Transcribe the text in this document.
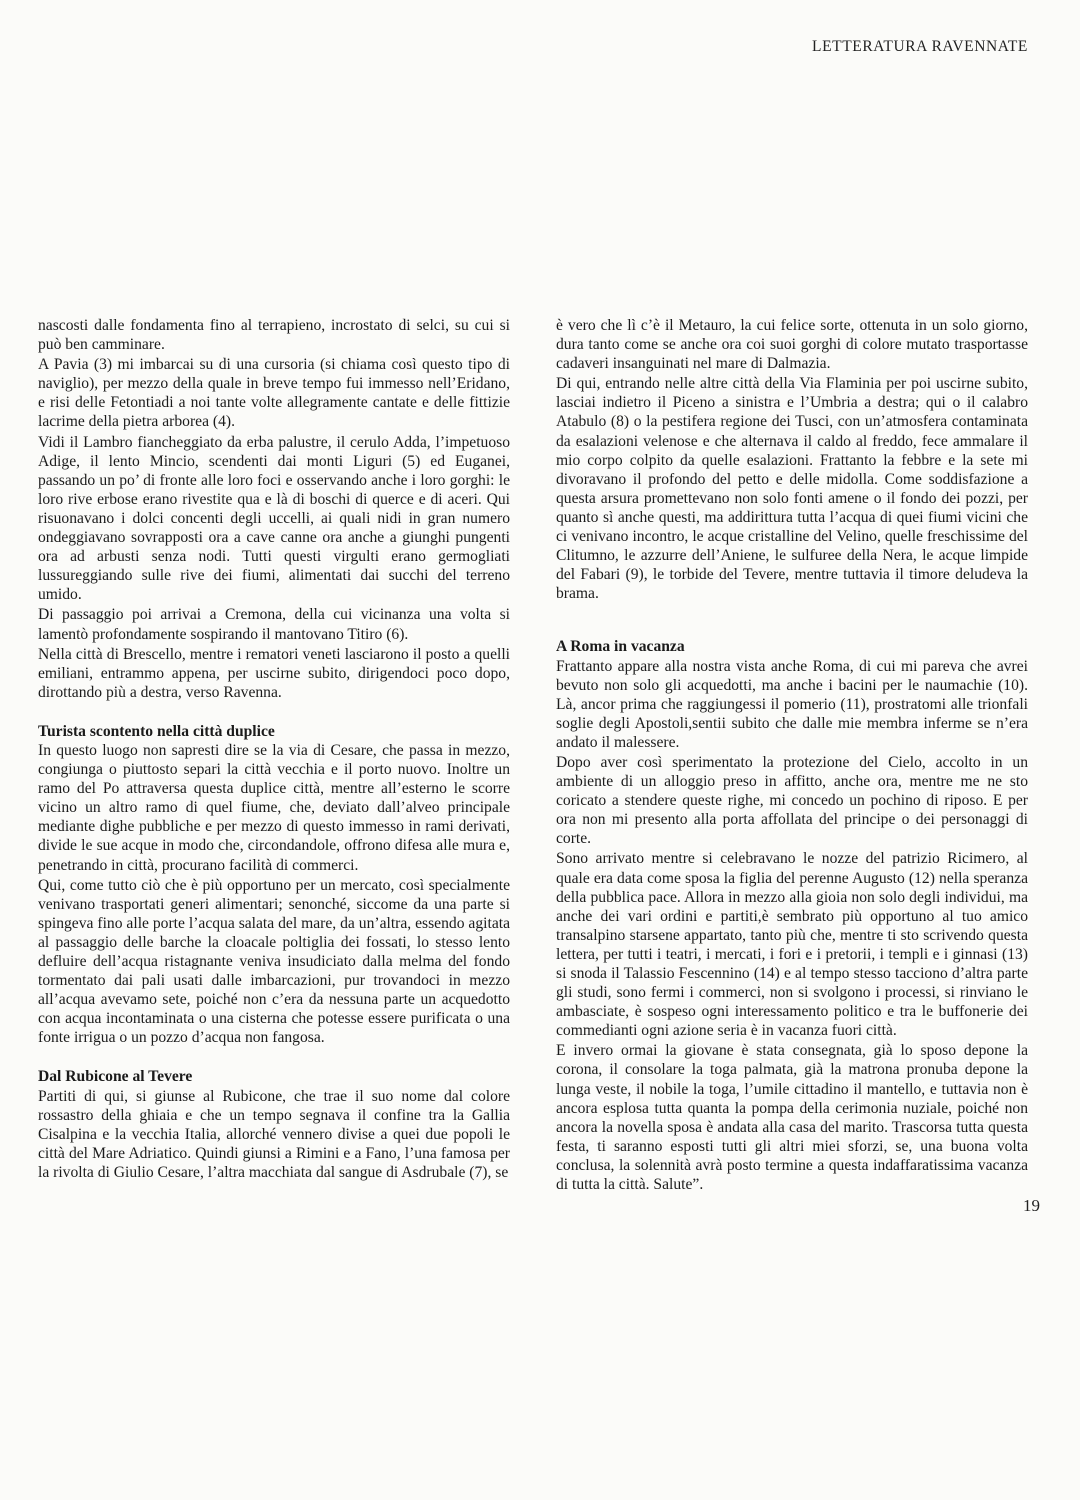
LETTERATURA RAVENNATE

nascosti dalle fondamenta fino al terrapieno, incrostato di selci, su cui si può ben camminare.

A Pavia (3) mi imbarcai su di una cursoria (si chiama così questo tipo di naviglio), per mezzo della quale in breve tempo fui immesso nell’Eridano, e risi delle Fetontiadi a noi tante volte allegramente cantate e delle fittizie lacrime della pietra arborea (4).

Vidi il Lambro fiancheggiato da erba palustre, il cerulo Adda, l’impetuoso Adige, il lento Mincio, scendenti dai monti Liguri (5) ed Euganei, passando un po’ di fronte alle loro foci e osservando anche i loro gorghi: le loro rive erbose erano rivestite qua e là di boschi di querce e di aceri. Qui risuonavano i dolci concenti degli uccelli, ai quali nidi in gran numero ondeggiavano sovrapposti ora a cave canne ora anche a giunghi pungenti ora ad arbusti senza nodi. Tutti questi virgulti erano germogliati lussureggiando sulle rive dei fiumi, alimentati dai succhi del terreno umido.

Di passaggio poi arrivai a Cremona, della cui vicinanza una volta si lamentò profondamente sospirando il mantovano Titiro (6).

Nella città di Brescello, mentre i rematori veneti lasciarono il posto a quelli emiliani, entrammo appena, per uscirne subito, dirigendoci poco dopo, dirottando più a destra, verso Ravenna.

Turista scontento nella città duplice

In questo luogo non sapresti dire se la via di Cesare, che passa in mezzo, congiunga o piuttosto separi la città vecchia e il porto nuovo. Inoltre un ramo del Po attraversa questa duplice città, mentre all’esterno le scorre vicino un altro ramo di quel fiume, che, deviato dall’alveo principale mediante dighe pubbliche e per mezzo di questo immesso in rami derivati, divide le sue acque in modo che, circondandole, offrono difesa alle mura e, penetrando in città, procurano facilità di commerci.

Qui, come tutto ciò che è più opportuno per un mercato, così specialmente venivano trasportati generi alimentari; senonché, siccome da una parte si spingeva fino alle porte l’acqua salata del mare, da un’altra, essendo agitata al passaggio delle barche la cloacale poltiglia dei fossati, lo stesso lento defluire dell’acqua ristagnante veniva insudiciato dalla melma del fondo tormentato dai pali usati dalle imbarcazioni, pur trovandoci in mezzo all’acqua avevamo sete, poiché non c’era da nessuna parte un acquedotto con acqua incontaminata o una cisterna che potesse essere purificata o una fonte irrigua o un pozzo d’acqua non fangosa.

Dal Rubicone al Tevere

Partiti di qui, si giunse al Rubicone, che trae il suo nome dal colore rossastro della ghiaia e che un tempo segnava il confine tra la Gallia Cisalpina e la vecchia Italia, allorché vennero divise a quei due popoli le città del Mare Adriatico. Quindi giunsi a Rimini e a Fano, l’una famosa per la rivolta di Giulio Cesare, l’altra macchiata dal sangue di Asdrubale (7), se

è vero che lì c’è il Metauro, la cui felice sorte, ottenuta in un solo giorno, dura tanto come se anche ora coi suoi gorghi di colore mutato trasportasse cadaveri insanguinati nel mare di Dalmazia.

Di qui, entrando nelle altre città della Via Flaminia per poi uscirne subito, lasciai indietro il Piceno a sinistra e l’Umbria a destra; qui o il calabro Atabulo (8) o la pestifera regione dei Tusci, con un’atmosfera contaminata da esalazioni velenose e che alternava il caldo al freddo, fece ammalare il mio corpo colpito da quelle esalazioni. Frattanto la febbre e la sete mi divoravano il profondo del petto e delle midolla. Come soddisfazione a questa arsura promettevano non solo fonti amene o il fondo dei pozzi, per quanto sì anche questi, ma addirittura tutta l’acqua di quei fiumi vicini che ci venivano incontro, le acque cristalline del Velino, quelle freschissime del Clitumno, le azzurre dell’Aniene, le sulfuree della Nera, le acque limpide del Fabari (9), le torbide del Tevere, mentre tuttavia il timore deludeva la brama.

A Roma in vacanza

Frattanto appare alla nostra vista anche Roma, di cui mi pareva che avrei bevuto non solo gli acquedotti, ma anche i bacini per le naumachie (10). Là, ancor prima che raggiungessi il pomerio (11), prostratomi alle trionfali soglie degli Apostoli,sentii subito che dalle mie membra inferme se n’era andato il malessere.

Dopo aver così sperimentato la protezione del Cielo, accolto in un ambiente di un alloggio preso in affitto, anche ora, mentre me ne sto coricato a stendere queste righe, mi concedo un pochino di riposo. E per ora non mi presento alla porta affollata del principe o dei personaggi di corte.

Sono arrivato mentre si celebravano le nozze del patrizio Ricimero, al quale era data come sposa la figlia del perenne Augusto (12) nella speranza della pubblica pace. Allora in mezzo alla gioia non solo degli individui, ma anche dei vari ordini e partiti,è sembrato più opportuno al tuo amico transalpino starsene appartato, tanto più che, mentre ti sto scrivendo questa lettera, per tutti i teatri, i mercati, i fori e i pretorii, i templi e i ginnasi (13) si snoda il Talassio Fescennino (14) e al tempo stesso tacciono d’altra parte gli studi, sono fermi i commerci, non si svolgono i processi, si rinviano le ambasciate, è sospeso ogni interessamento politico e tra le buffonerie dei commedianti ogni azione seria è in vacanza fuori città.

E invero ormai la giovane è stata consegnata, già lo sposo depone la corona, il consolare la toga palmata, già la matrona pronuba depone la lunga veste, il nobile la toga, l’umile cittadino il mantello, e tuttavia non è ancora esplosa tutta quanta la pompa della cerimonia nuziale, poiché non ancora la novella sposa è andata alla casa del marito. Trascorsa tutta questa festa, ti saranno esposti tutti gli altri miei sforzi, se, una buona volta conclusa, la solennità avrà posto termine a questa indaffaratissima vacanza di tutta la città. Salute”.

19
